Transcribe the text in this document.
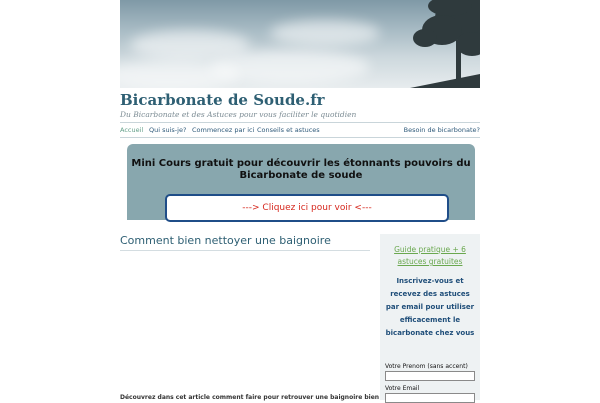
Bicarbonate de Soude.fr
Du Bicarbonate et des Astuces pour vous faciliter le quotidien
Accueil Qui suis-je? Commencez par ici Conseils et astuces	Besoin de bicarbonate?
Mini Cours gratuit pour découvrir les étonnants pouvoirs du Bicarbonate de soude
---> Cliquez ici pour voir <---
Comment bien nettoyer une baignoire
Découvrez dans cet article comment faire pour retrouver une baignoire bien
Guide pratique + 6 astuces gratuites
Inscrivez-vous et recevez des astuces par email pour utiliser efficacement le bicarbonate chez vous
Votre Prenom (sans accent)
Votre Email
